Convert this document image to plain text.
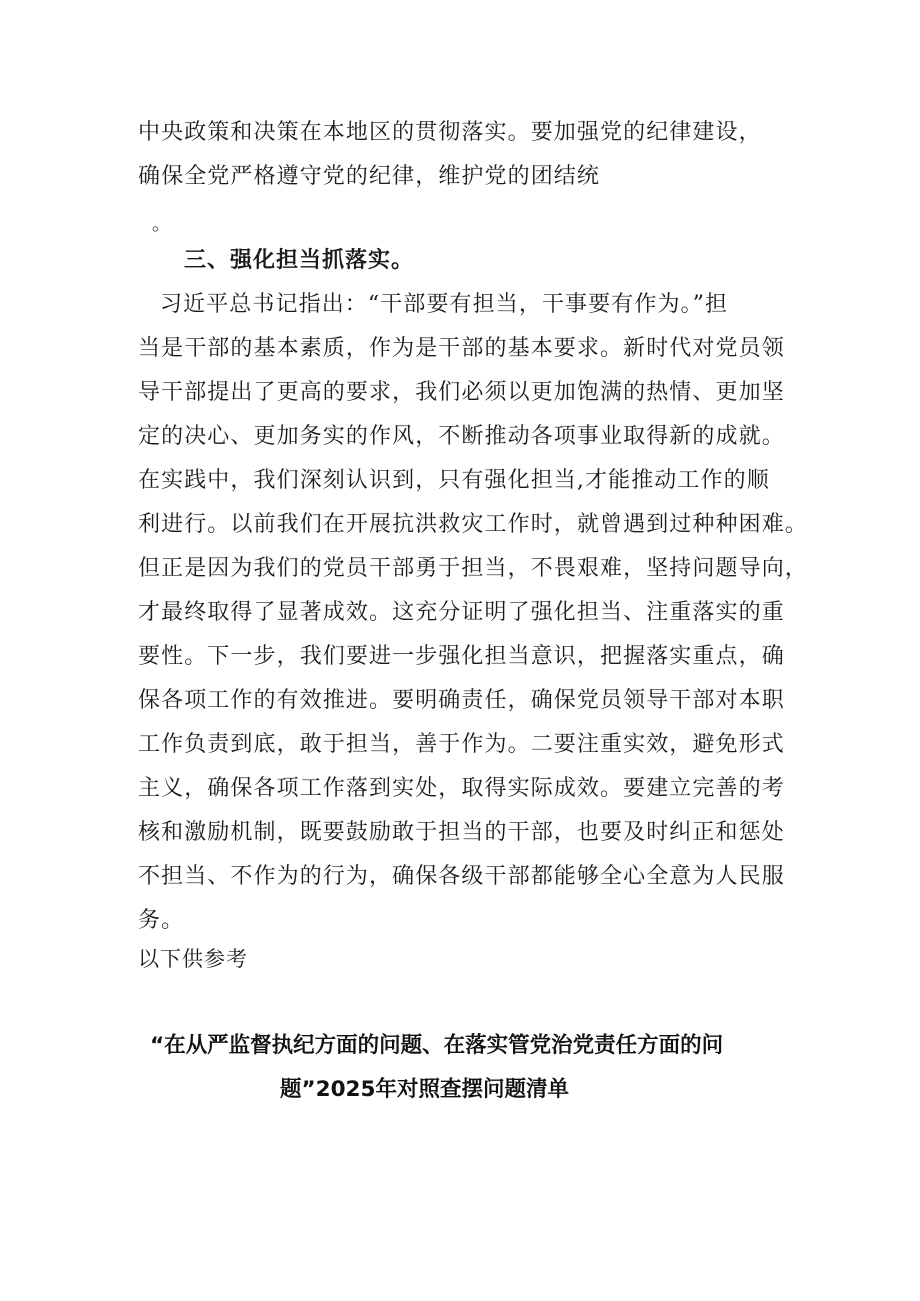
中央政策和决策在本地区的贯彻落实。要加强党的纪律建设，
确保全党严格遵守党的纪律，维护党的团结统
。
三、强化担当抓落实。
习近平总书记指出：“干部要有担当，干事要有作为。”担
当是干部的基本素质，作为是干部的基本要求。新时代对党员领
导干部提出了更高的要求，我们必须以更加饱满的热情、更加坚
定的决心、更加务实的作风，不断推动各项事业取得新的成就。
在实践中，我们深刻认识到，只有强化担当,才能推动工作的顺
利进行。以前我们在开展抗洪救灾工作时，就曾遇到过种种困难。
但正是因为我们的党员干部勇于担当，不畏艰难，坚持问题导向，
才最终取得了显著成效。这充分证明了强化担当、注重落实的重
要性。下一步，我们要进一步强化担当意识，把握落实重点，确
保各项工作的有效推进。要明确责任，确保党员领导干部对本职
工作负责到底，敢于担当，善于作为。二要注重实效，避免形式
主义，确保各项工作落到实处，取得实际成效。要建立完善的考
核和激励机制，既要鼓励敢于担当的干部，也要及时纠正和惩处
不担当、不作为的行为，确保各级干部都能够全心全意为人民服
务。
以下供参考
“在从严监督执纪方面的问题、在落实管党治党责任方面的问
题”2025年对照查摆问题清单
